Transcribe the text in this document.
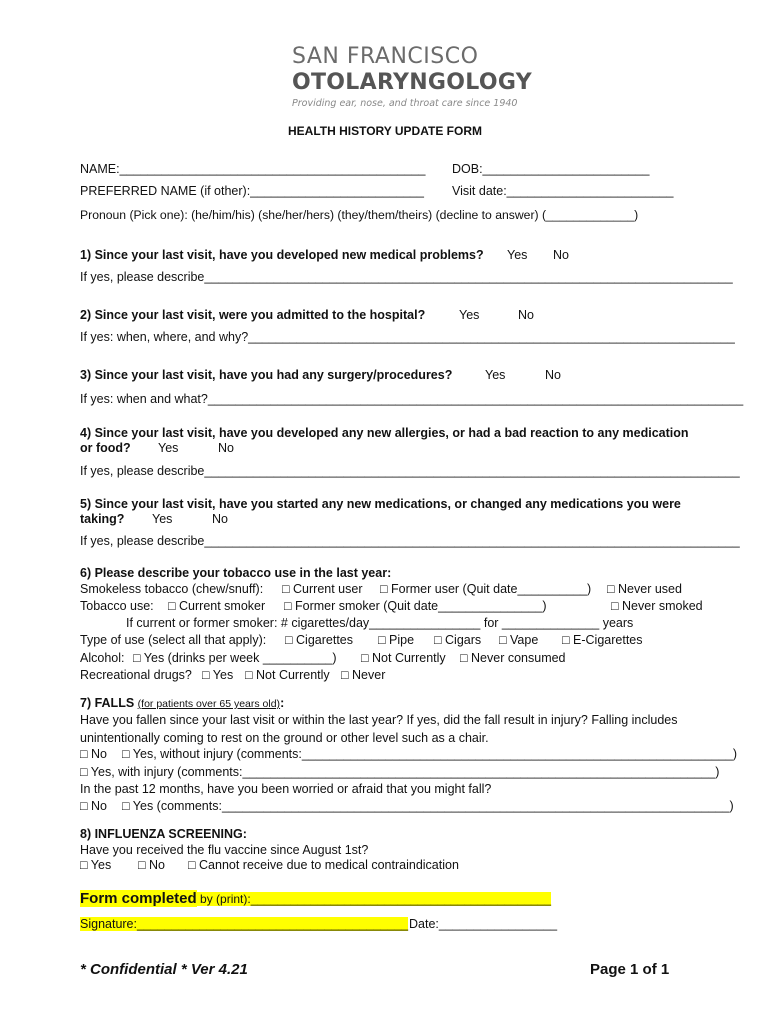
SAN FRANCISCO
OTOLARYNGOLOGY
Providing ear, nose, and throat care since 1940
HEALTH HISTORY UPDATE FORM
NAME:____________________________________________ DOB:________________________
PREFERRED NAME (if other):_________________________ Visit date:________________________
Pronoun (Pick one): (he/him/his) (she/her/hers) (they/them/theirs) (decline to answer) (_____________)
1) Since your last visit, have you developed new medical problems? Yes No
If yes, please describe____________________________________________________________________________
2) Since your last visit, were you admitted to the hospital?	Yes	No
If yes: when, where, and why?______________________________________________________________________
3) Since your last visit, have you had any surgery/procedures?	Yes	No
If yes: when and what?_____________________________________________________________________________
4) Since your last visit, have you developed any new allergies, or had a bad reaction to any medication
or food? Yes	No
If yes, please describe_____________________________________________________________________________
5) Since your last visit, have you started any new medications, or changed any medications you were
taking? Yes	No
If yes, please describe_____________________________________________________________________________
6) Please describe your tobacco use in the last year:
Smokeless tobacco (chew/snuff): □ Current user □ Former user (Quit date__________) □ Never used
Tobacco use: □ Current smoker □ Former smoker (Quit date_______________)	□ Never smoked
If current or former smoker: # cigarettes/day________________ for ______________ years
Type of use (select all that apply): □ Cigarettes □ Pipe □ Cigars □ Vape □ E-Cigarettes
Alcohol: □ Yes (drinks per week __________) □ Not Currently □ Never consumed
Recreational drugs? □ Yes □ Not Currently □ Never
7) FALLS (for patients over 65 years old):
Have you fallen since your last visit or within the last year? If yes, did the fall result in injury? Falling includes
unintentionally coming to rest on the ground or other level such as a chair.
□ No □ Yes, without injury (comments:______________________________________________________________)
□ Yes, with injury (comments:____________________________________________________________________)
In the past 12 months, have you been worried or afraid that you might fall?
□ No □ Yes (comments:_________________________________________________________________________)
8) INFLUENZA SCREENING:
Have you received the flu vaccine since August 1st?
□ Yes □ No □ Cannot receive due to medical contraindication
Form completed by (print):_____________________________________________
Signature:_______________________________________ Date:_________________
* Confidential * Ver 4.21	Page 1 of 1
